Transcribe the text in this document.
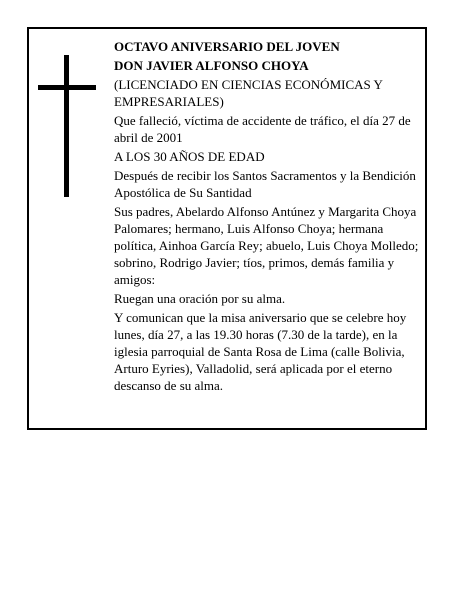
OCTAVO ANIVERSARIO DEL JOVEN

DON JAVIER ALFONSO CHOYA

(LICENCIADO EN CIENCIAS ECONÓMICAS Y EMPRESARIALES)

Que falleció, víctima de accidente de tráfico, el día 27 de abril de 2001

A LOS 30 AÑOS DE EDAD

Después de recibir los Santos Sacramentos y la Bendición Apostólica de Su Santidad

Sus padres, Abelardo Alfonso Antúnez y Margarita Choya Palomares; hermano, Luis Alfonso Choya; hermana política, Ainhoa García Rey; abuelo, Luis Choya Molledo; sobrino, Rodrigo Javier; tíos, primos, demás familia y amigos:

Ruegan una oración por su alma.

Y comunican que la misa aniversario que se celebre hoy lunes, día 27, a las 19.30 horas (7.30 de la tarde), en la iglesia parroquial de Santa Rosa de Lima (calle Bolivia, Arturo Eyries), Valladolid, será aplicada por el eterno descanso de su alma.
